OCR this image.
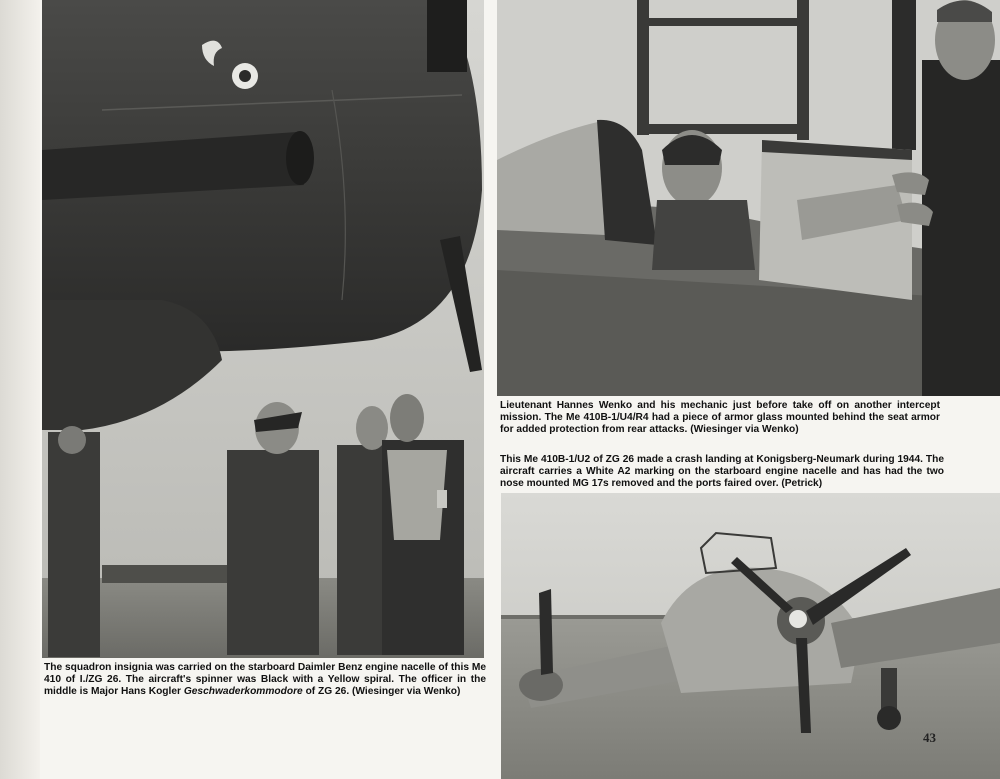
The squadron insignia was carried on the starboard Daimler Benz engine nacelle of this Me 410 of I./ZG 26. The aircraft's spinner was Black with a Yellow spiral. The officer in the middle is Major Hans Kogler Geschwaderkommodore of ZG 26. (Wiesinger via Wenko)
Lieutenant Hannes Wenko and his mechanic just before take off on another intercept mission. The Me 410B-1/U4/R4 had a piece of armor glass mounted behind the seat armor for added protection from rear attacks. (Wiesinger via Wenko)
This Me 410B-1/U2 of ZG 26 made a crash landing at Konigsberg-Neumark during 1944. The aircraft carries a White A2 marking on the starboard engine nacelle and has had the two nose mounted MG 17s removed and the ports faired over. (Petrick)
43
